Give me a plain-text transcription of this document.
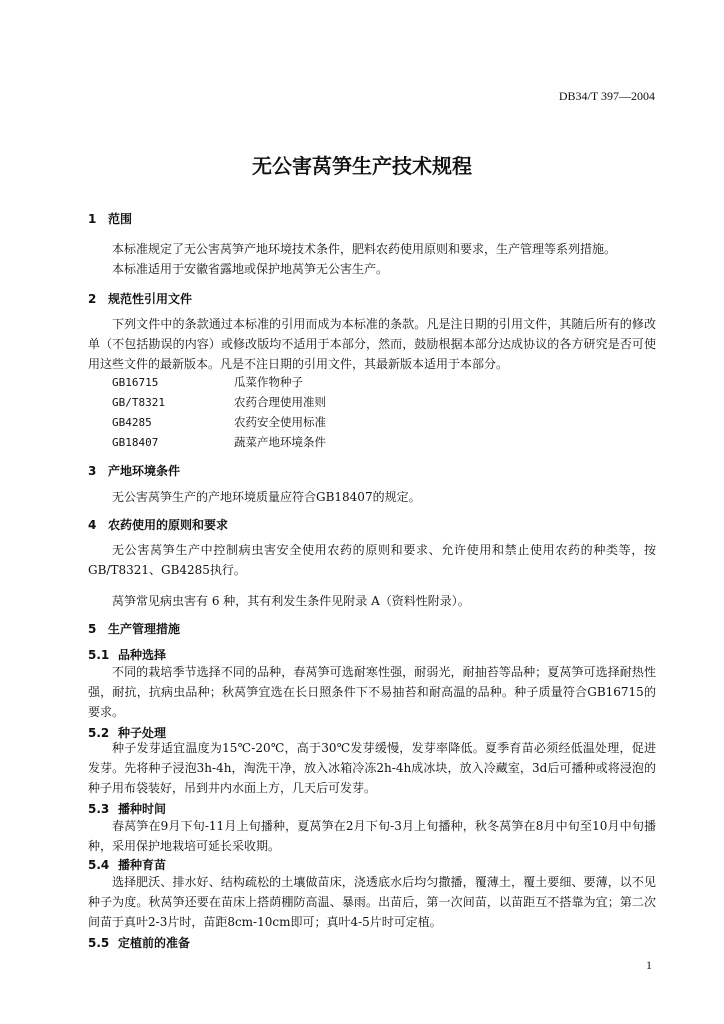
DB34/T 397—2004
无公害莴笋生产技术规程
1 范围
本标准规定了无公害莴笋产地环境技术条件，肥料农药使用原则和要求，生产管理等系列措施。
本标准适用于安徽省露地或保护地莴笋无公害生产。
2 规范性引用文件
下列文件中的条款通过本标准的引用而成为本标准的条款。凡是注日期的引用文件，其随后所有的修改单（不包括勘误的内容）或修改版均不适用于本部分，然而，鼓励根据本部分达成协议的各方研究是否可使用这些文件的最新版本。凡是不注日期的引用文件，其最新版本适用于本部分。
GB16715	瓜菜作物种子
GB/T8321	农药合理使用准则
GB4285	农药安全使用标准
GB18407	蔬菜产地环境条件
3 产地环境条件
无公害莴笋生产的产地环境质量应符合GB18407的规定。
4 农药使用的原则和要求
无公害莴笋生产中控制病虫害安全使用农药的原则和要求、允许使用和禁止使用农药的种类等，按GB/T8321、GB4285执行。
莴笋常见病虫害有 6 种，其有利发生条件见附录 A（资料性附录）。
5 生产管理措施
5.1 品种选择
不同的栽培季节选择不同的品种，春莴笋可选耐寒性强，耐弱光，耐抽苔等品种；夏莴笋可选择耐热性强，耐抗，抗病虫品种；秋莴笋宜选在长日照条件下不易抽苔和耐高温的品种。种子质量符合GB16715的要求。
5.2 种子处理
种子发芽适宜温度为15℃-20℃，高于30℃发芽缓慢，发芽率降低。夏季育苗必须经低温处理，促进发芽。先将种子浸泡3h-4h，淘洗干净，放入冰箱冷冻2h-4h成冰块，放入冷藏室，3d后可播种或将浸泡的种子用布袋装好，吊到井内水面上方，几天后可发芽。
5.3 播种时间
春莴笋在9月下旬-11月上旬播种，夏莴笋在2月下旬-3月上旬播种，秋冬莴笋在8月中旬至10月中旬播种，采用保护地栽培可延长采收期。
5.4 播种育苗
选择肥沃、排水好、结构疏松的土壤做苗床，浇透底水后均匀撒播，覆薄土，覆土要细、要薄，以不见种子为度。秋莴笋还要在苗床上搭荫棚防高温、暴雨。出苗后，第一次间苗，以苗距互不搭靠为宜；第二次间苗于真叶2-3片时，苗距8cm-10cm即可；真叶4-5片时可定植。
5.5 定植前的准备
1
